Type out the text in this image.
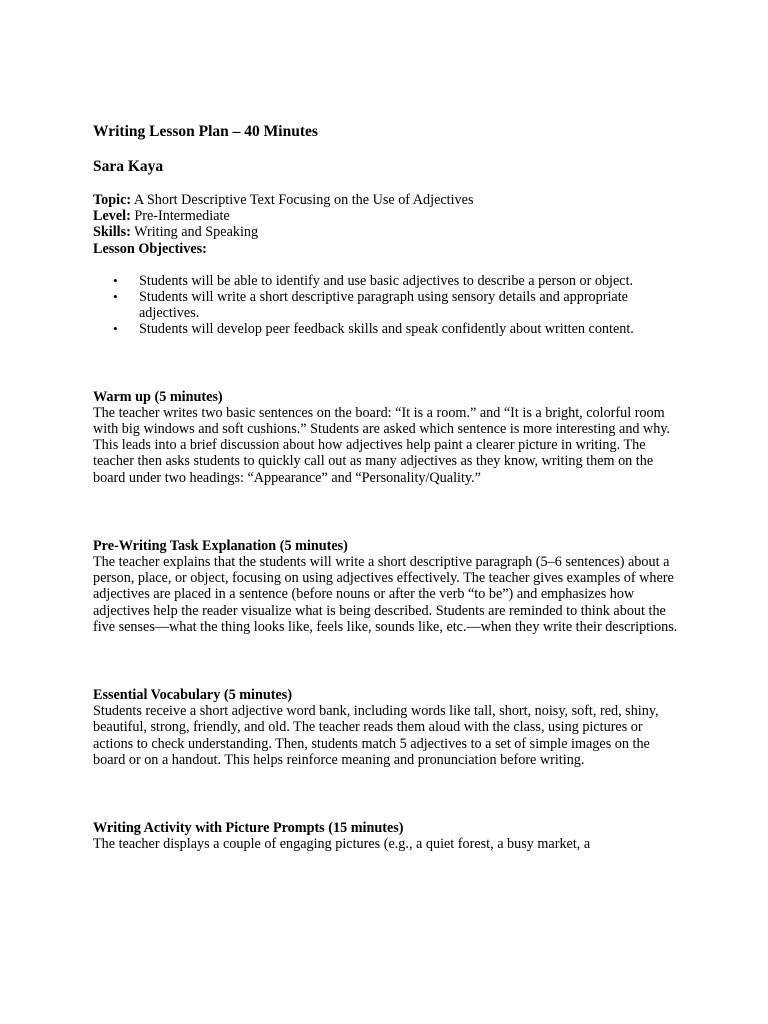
Writing Lesson Plan – 40 Minutes

Sara Kaya

Topic: A Short Descriptive Text Focusing on the Use of Adjectives
Level: Pre-Intermediate
Skills: Writing and Speaking
Lesson Objectives:
• Students will be able to identify and use basic adjectives to describe a person or object.
• Students will write a short descriptive paragraph using sensory details and appropriate adjectives.
• Students will develop peer feedback skills and speak confidently about written content.
Warm up (5 minutes)
The teacher writes two basic sentences on the board: “It is a room.” and “It is a bright, colorful room with big windows and soft cushions.” Students are asked which sentence is more interesting and why. This leads into a brief discussion about how adjectives help paint a clearer picture in writing. The teacher then asks students to quickly call out as many adjectives as they know, writing them on the board under two headings: “Appearance” and “Personality/Quality.”
Pre-Writing Task Explanation (5 minutes)
The teacher explains that the students will write a short descriptive paragraph (5–6 sentences) about a person, place, or object, focusing on using adjectives effectively. The teacher gives examples of where adjectives are placed in a sentence (before nouns or after the verb “to be”) and emphasizes how adjectives help the reader visualize what is being described. Students are reminded to think about the five senses—what the thing looks like, feels like, sounds like, etc.—when they write their descriptions.
Essential Vocabulary (5 minutes)
Students receive a short adjective word bank, including words like tall, short, noisy, soft, red, shiny, beautiful, strong, friendly, and old. The teacher reads them aloud with the class, using pictures or actions to check understanding. Then, students match 5 adjectives to a set of simple images on the board or on a handout. This helps reinforce meaning and pronunciation before writing.
Writing Activity with Picture Prompts (15 minutes)
The teacher displays a couple of engaging pictures (e.g., a quiet forest, a busy market, a
